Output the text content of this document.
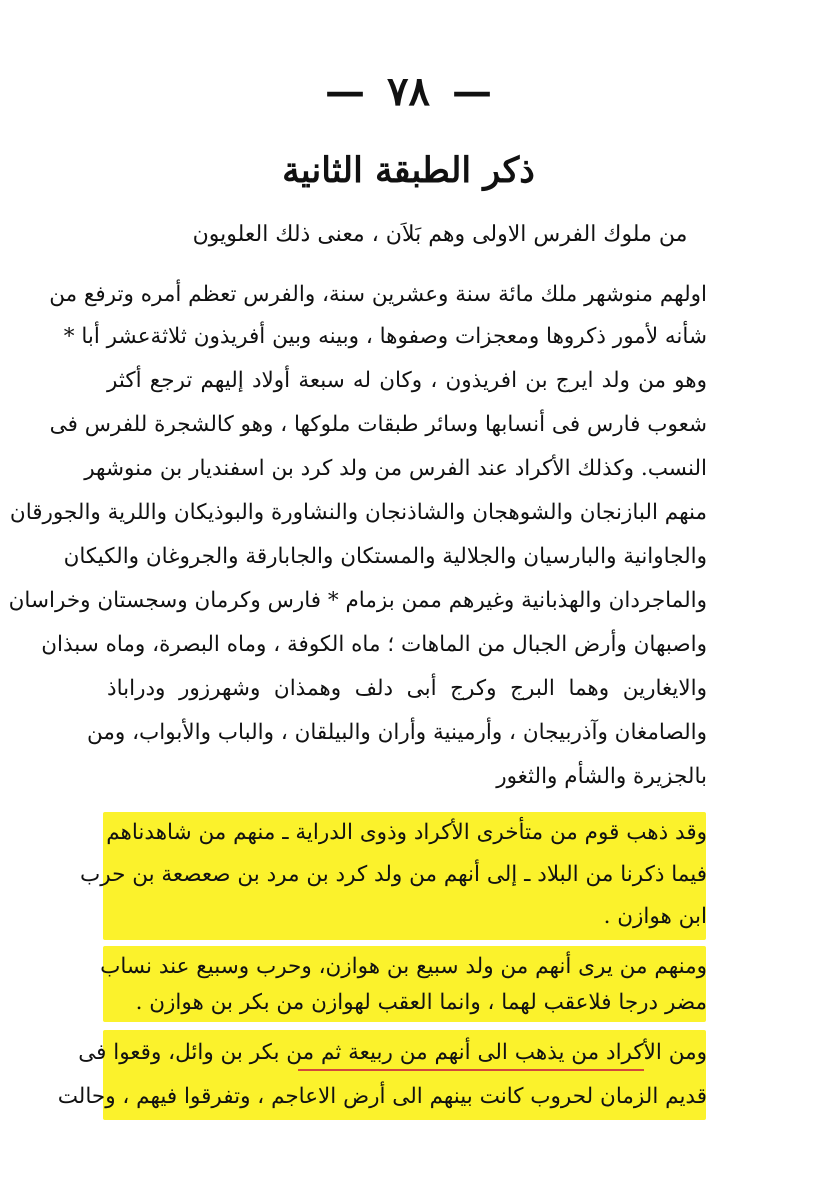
— ٧٨ —
ذكر الطبقة الثانية
من ملوك الفرس الاولى وهم بَلاَن ، معنى ذلك العلويون
اولهم منوشهر ملك مائة سنة وعشرين سنة، والفرس تعظم أمره وترفع من
شأنه لأمور ذكروها ومعجزات وصفوها ، وبينه وبين أفريذون ثلاثةعشر أبا *
وهو من ولد ايرج بن افريذون ، وكان له سبعة أولاد إليهم ترجع أكثر
شعوب فارس فى أنسابها وسائر طبقات ملوكها ، وهو كالشجرة للفرس فى
النسب. وكذلك الأكراد عند الفرس من ولد كرد بن اسفنديار بن منوشهر
منهم البازنجان والشوهجان والشاذنجان والنشاورة والبوذيكان واللرية والجورقان
والجاوانية والبارسيان والجلالية والمستكان والجابارقة والجروغان والكيكان
والماجردان والهذبانية وغيرهم ممن بزمام * فارس وكرمان وسجستان وخراسان
واصبهان وأرض الجبال من الماهات ؛ ماه الكوفة ، وماه البصرة، وماه سبذان
والايغارين وهما البرج وكرج أبى دلف وهمذان وشهرزور ودراباذ
والصامغان وآذربيجان ، وأرمينية وأران والبيلقان ، والباب والأبواب، ومن
بالجزيرة والشأم والثغور
وقد ذهب قوم من متأخرى الأكراد وذوى الدراية ـ منهم من شاهدناهم
فيما ذكرنا من البلاد ـ إلى أنهم من ولد كرد بن مرد بن صعصعة بن حرب
ابن هوازن .
ومنهم من يرى أنهم من ولد سبيع بن هوازن، وحرب وسبيع عند نساب
مضر درجا فلاعقب لهما ، وانما العقب لهوازن من بكر بن هوازن .
ومن الأكراد من يذهب الى أنهم من ربيعة ثم من بكر بن وائل، وقعوا فى
قديم الزمان لحروب كانت بينهم الى أرض الاعاجم ، وتفرقوا فيهم ، وحالت
